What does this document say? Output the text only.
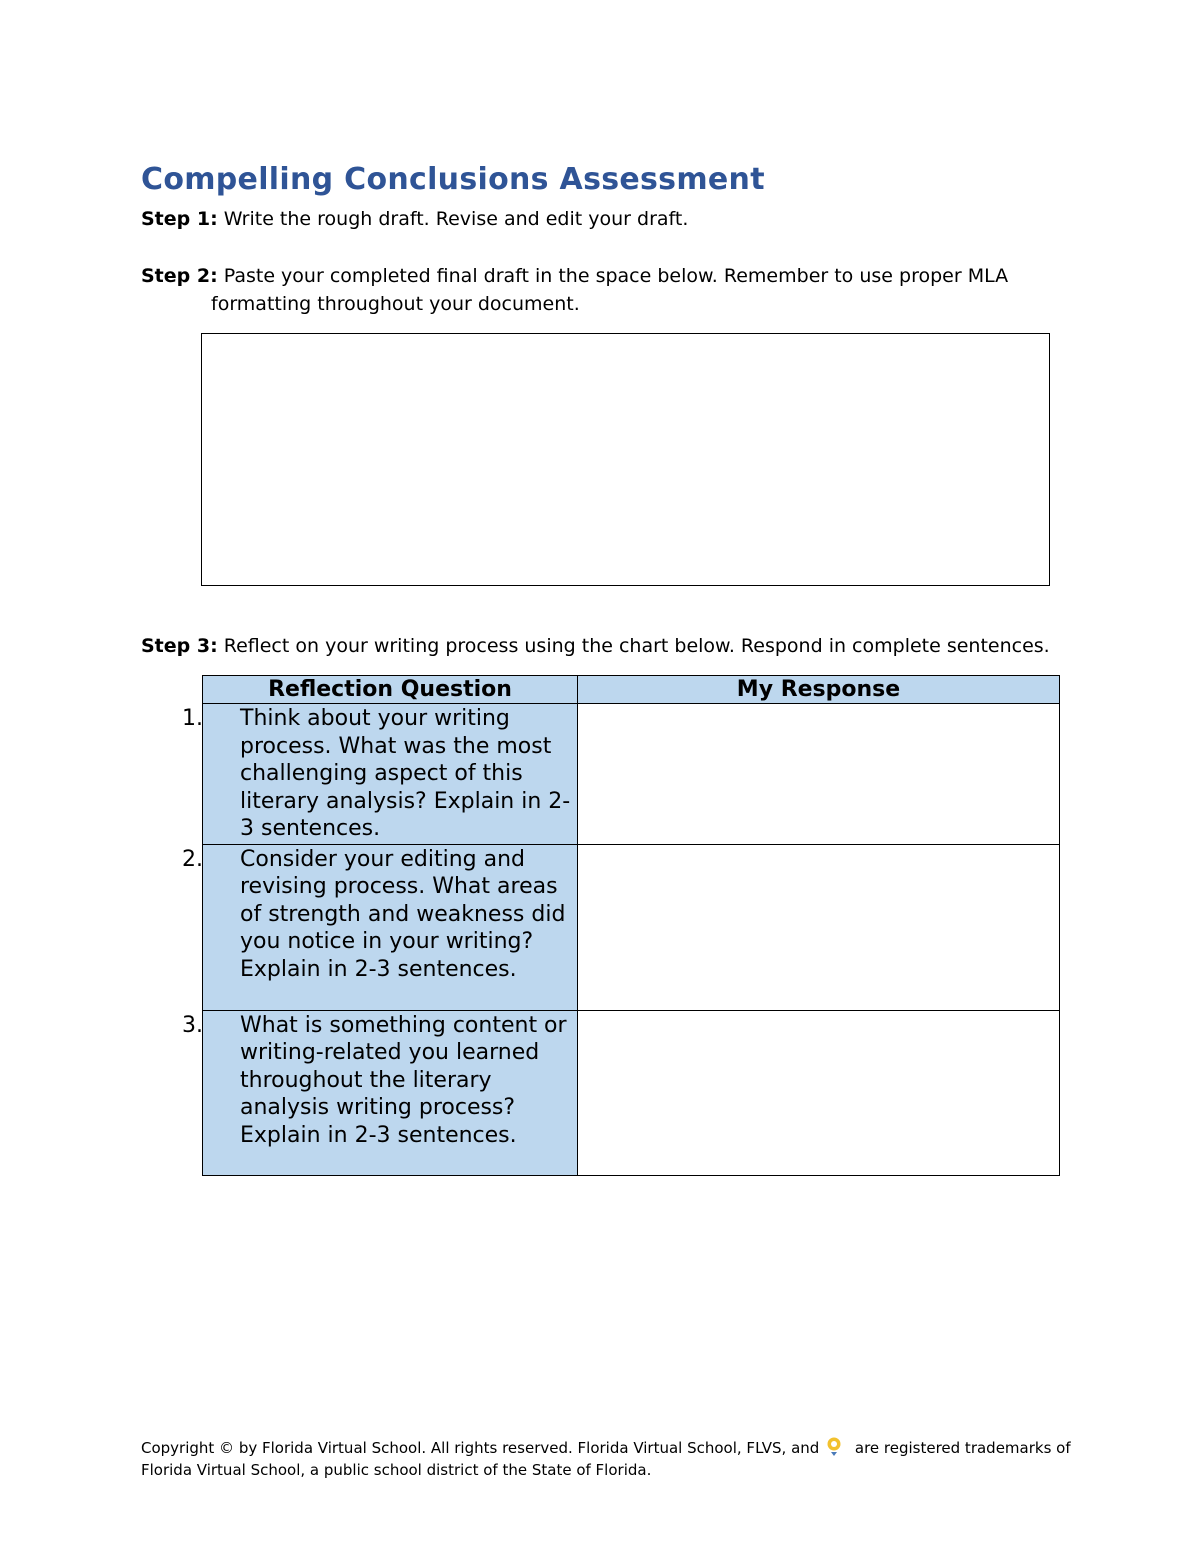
Compelling Conclusions Assessment
Step 1: Write the rough draft. Revise and edit your draft.
Step 2: Paste your completed final draft in the space below. Remember to use proper MLA
formatting throughout your document.
Step 3: Reflect on your writing process using the chart below. Respond in complete sentences.
Reflection Question	My Response

1. Think about your writing process. What was the most challenging aspect of this literary analysis? Explain in 2-3 sentences.	

2. Consider your editing and revising process. What areas of strength and weakness did you notice in your writing? Explain in 2-3 sentences.	

3. What is something content or writing-related you learned throughout the literary analysis writing process? Explain in 2-3 sentences.	

Copyright © by Florida Virtual School. All rights reserved. Florida Virtual School, FLVS, and are registered trademarks of
Florida Virtual School, a public school district of the State of Florida.
